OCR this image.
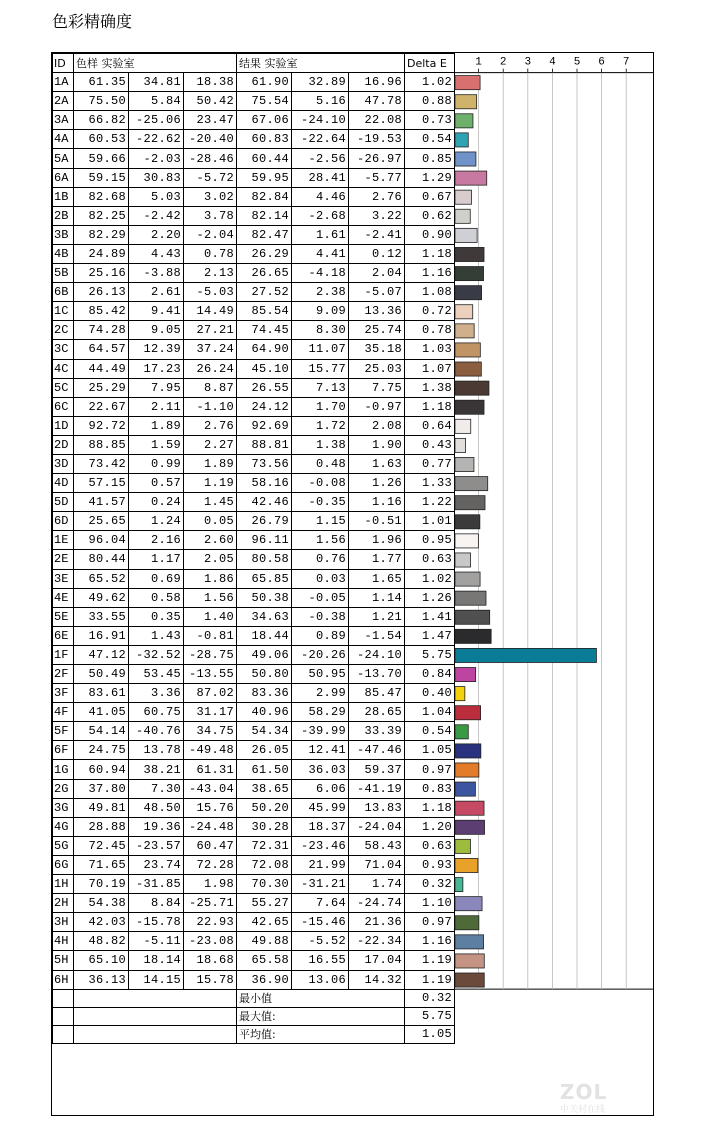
色彩精确度
ID	色样 实验室			结果 实验室			Delta E
1A	61.35	34.81	18.38	61.90	32.89	16.96	1.02
2A	75.50	5.84	50.42	75.54	5.16	47.78	0.88
3A	66.82	-25.06	23.47	67.06	-24.10	22.08	0.73
4A	60.53	-22.62	-20.40	60.83	-22.64	-19.53	0.54
5A	59.66	-2.03	-28.46	60.44	-2.56	-26.97	0.85
6A	59.15	30.83	-5.72	59.95	28.41	-5.77	1.29
1B	82.68	5.03	3.02	82.84	4.46	2.76	0.67
2B	82.25	-2.42	3.78	82.14	-2.68	3.22	0.62
3B	82.29	2.20	-2.04	82.47	1.61	-2.41	0.90
4B	24.89	4.43	0.78	26.29	4.41	0.12	1.18
5B	25.16	-3.88	2.13	26.65	-4.18	2.04	1.16
6B	26.13	2.61	-5.03	27.52	2.38	-5.07	1.08
1C	85.42	9.41	14.49	85.54	9.09	13.36	0.72
2C	74.28	9.05	27.21	74.45	8.30	25.74	0.78
3C	64.57	12.39	37.24	64.90	11.07	35.18	1.03
4C	44.49	17.23	26.24	45.10	15.77	25.03	1.07
5C	25.29	7.95	8.87	26.55	7.13	7.75	1.38
6C	22.67	2.11	-1.10	24.12	1.70	-0.97	1.18
1D	92.72	1.89	2.76	92.69	1.72	2.08	0.64
2D	88.85	1.59	2.27	88.81	1.38	1.90	0.43
3D	73.42	0.99	1.89	73.56	0.48	1.63	0.77
4D	57.15	0.57	1.19	58.16	-0.08	1.26	1.33
5D	41.57	0.24	1.45	42.46	-0.35	1.16	1.22
6D	25.65	1.24	0.05	26.79	1.15	-0.51	1.01
1E	96.04	2.16	2.60	96.11	1.56	1.96	0.95
2E	80.44	1.17	2.05	80.58	0.76	1.77	0.63
3E	65.52	0.69	1.86	65.85	0.03	1.65	1.02
4E	49.62	0.58	1.56	50.38	-0.05	1.14	1.26
5E	33.55	0.35	1.40	34.63	-0.38	1.21	1.41
6E	16.91	1.43	-0.81	18.44	0.89	-1.54	1.47
1F	47.12	-32.52	-28.75	49.06	-20.26	-24.10	5.75
2F	50.49	53.45	-13.55	50.80	50.95	-13.70	0.84
3F	83.61	3.36	87.02	83.36	2.99	85.47	0.40
4F	41.05	60.75	31.17	40.96	58.29	28.65	1.04
5F	54.14	-40.76	34.75	54.34	-39.99	33.39	0.54
6F	24.75	13.78	-49.48	26.05	12.41	-47.46	1.05
1G	60.94	38.21	61.31	61.50	36.03	59.37	0.97
2G	37.80	7.30	-43.04	38.65	6.06	-41.19	0.83
3G	49.81	48.50	15.76	50.20	45.99	13.83	1.18
4G	28.88	19.36	-24.48	30.28	18.37	-24.04	1.20
5G	72.45	-23.57	60.47	72.31	-23.46	58.43	0.63
6G	71.65	23.74	72.28	72.08	21.99	71.04	0.93
1H	70.19	-31.85	1.98	70.30	-31.21	1.74	0.32
2H	54.38	8.84	-25.71	55.27	7.64	-24.74	1.10
3H	42.03	-15.78	22.93	42.65	-15.46	21.36	0.97
4H	48.82	-5.11	-23.08	49.88	-5.52	-22.34	1.16
5H	65.10	18.14	18.68	65.58	16.55	17.04	1.19
6H	36.13	14.15	15.78	36.90	13.06	14.32	1.19
				最小值			0.32
				最大值:			5.75
				平均值:			1.05
1 2 3 4 5 6 7
ZOL
中关村在线
